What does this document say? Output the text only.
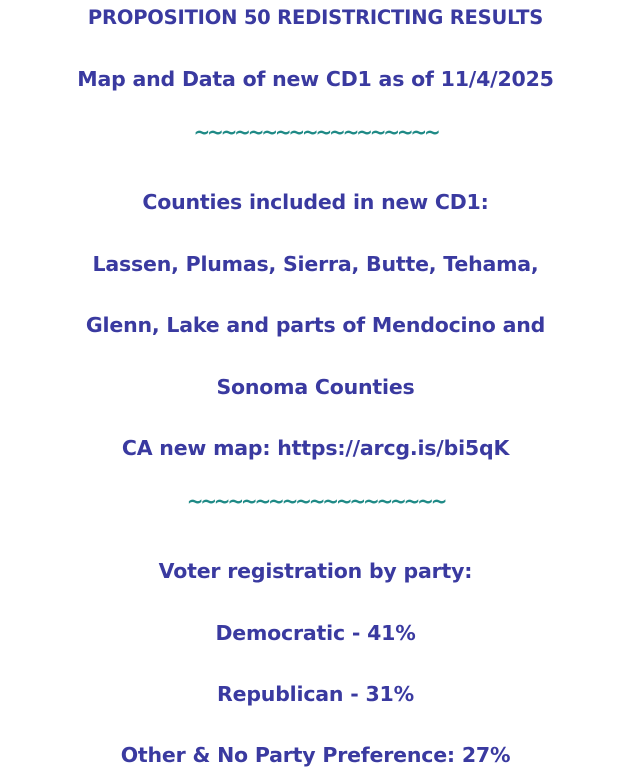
PROPOSITION 50 REDISTRICTING RESULTS
Map and Data of new CD1 as of 11/4/2025
~~~~~~~~~~~~~~~~~~
Counties included in new CD1:
Lassen, Plumas, Sierra, Butte, Tehama,
Glenn, Lake and parts of Mendocino and
Sonoma Counties
CA new map: https://arcg.is/bi5qK
~~~~~~~~~~~~~~~~~~~
Voter registration by party:
Democratic - 41%
Republican - 31%
Other & No Party Preference: 27%
